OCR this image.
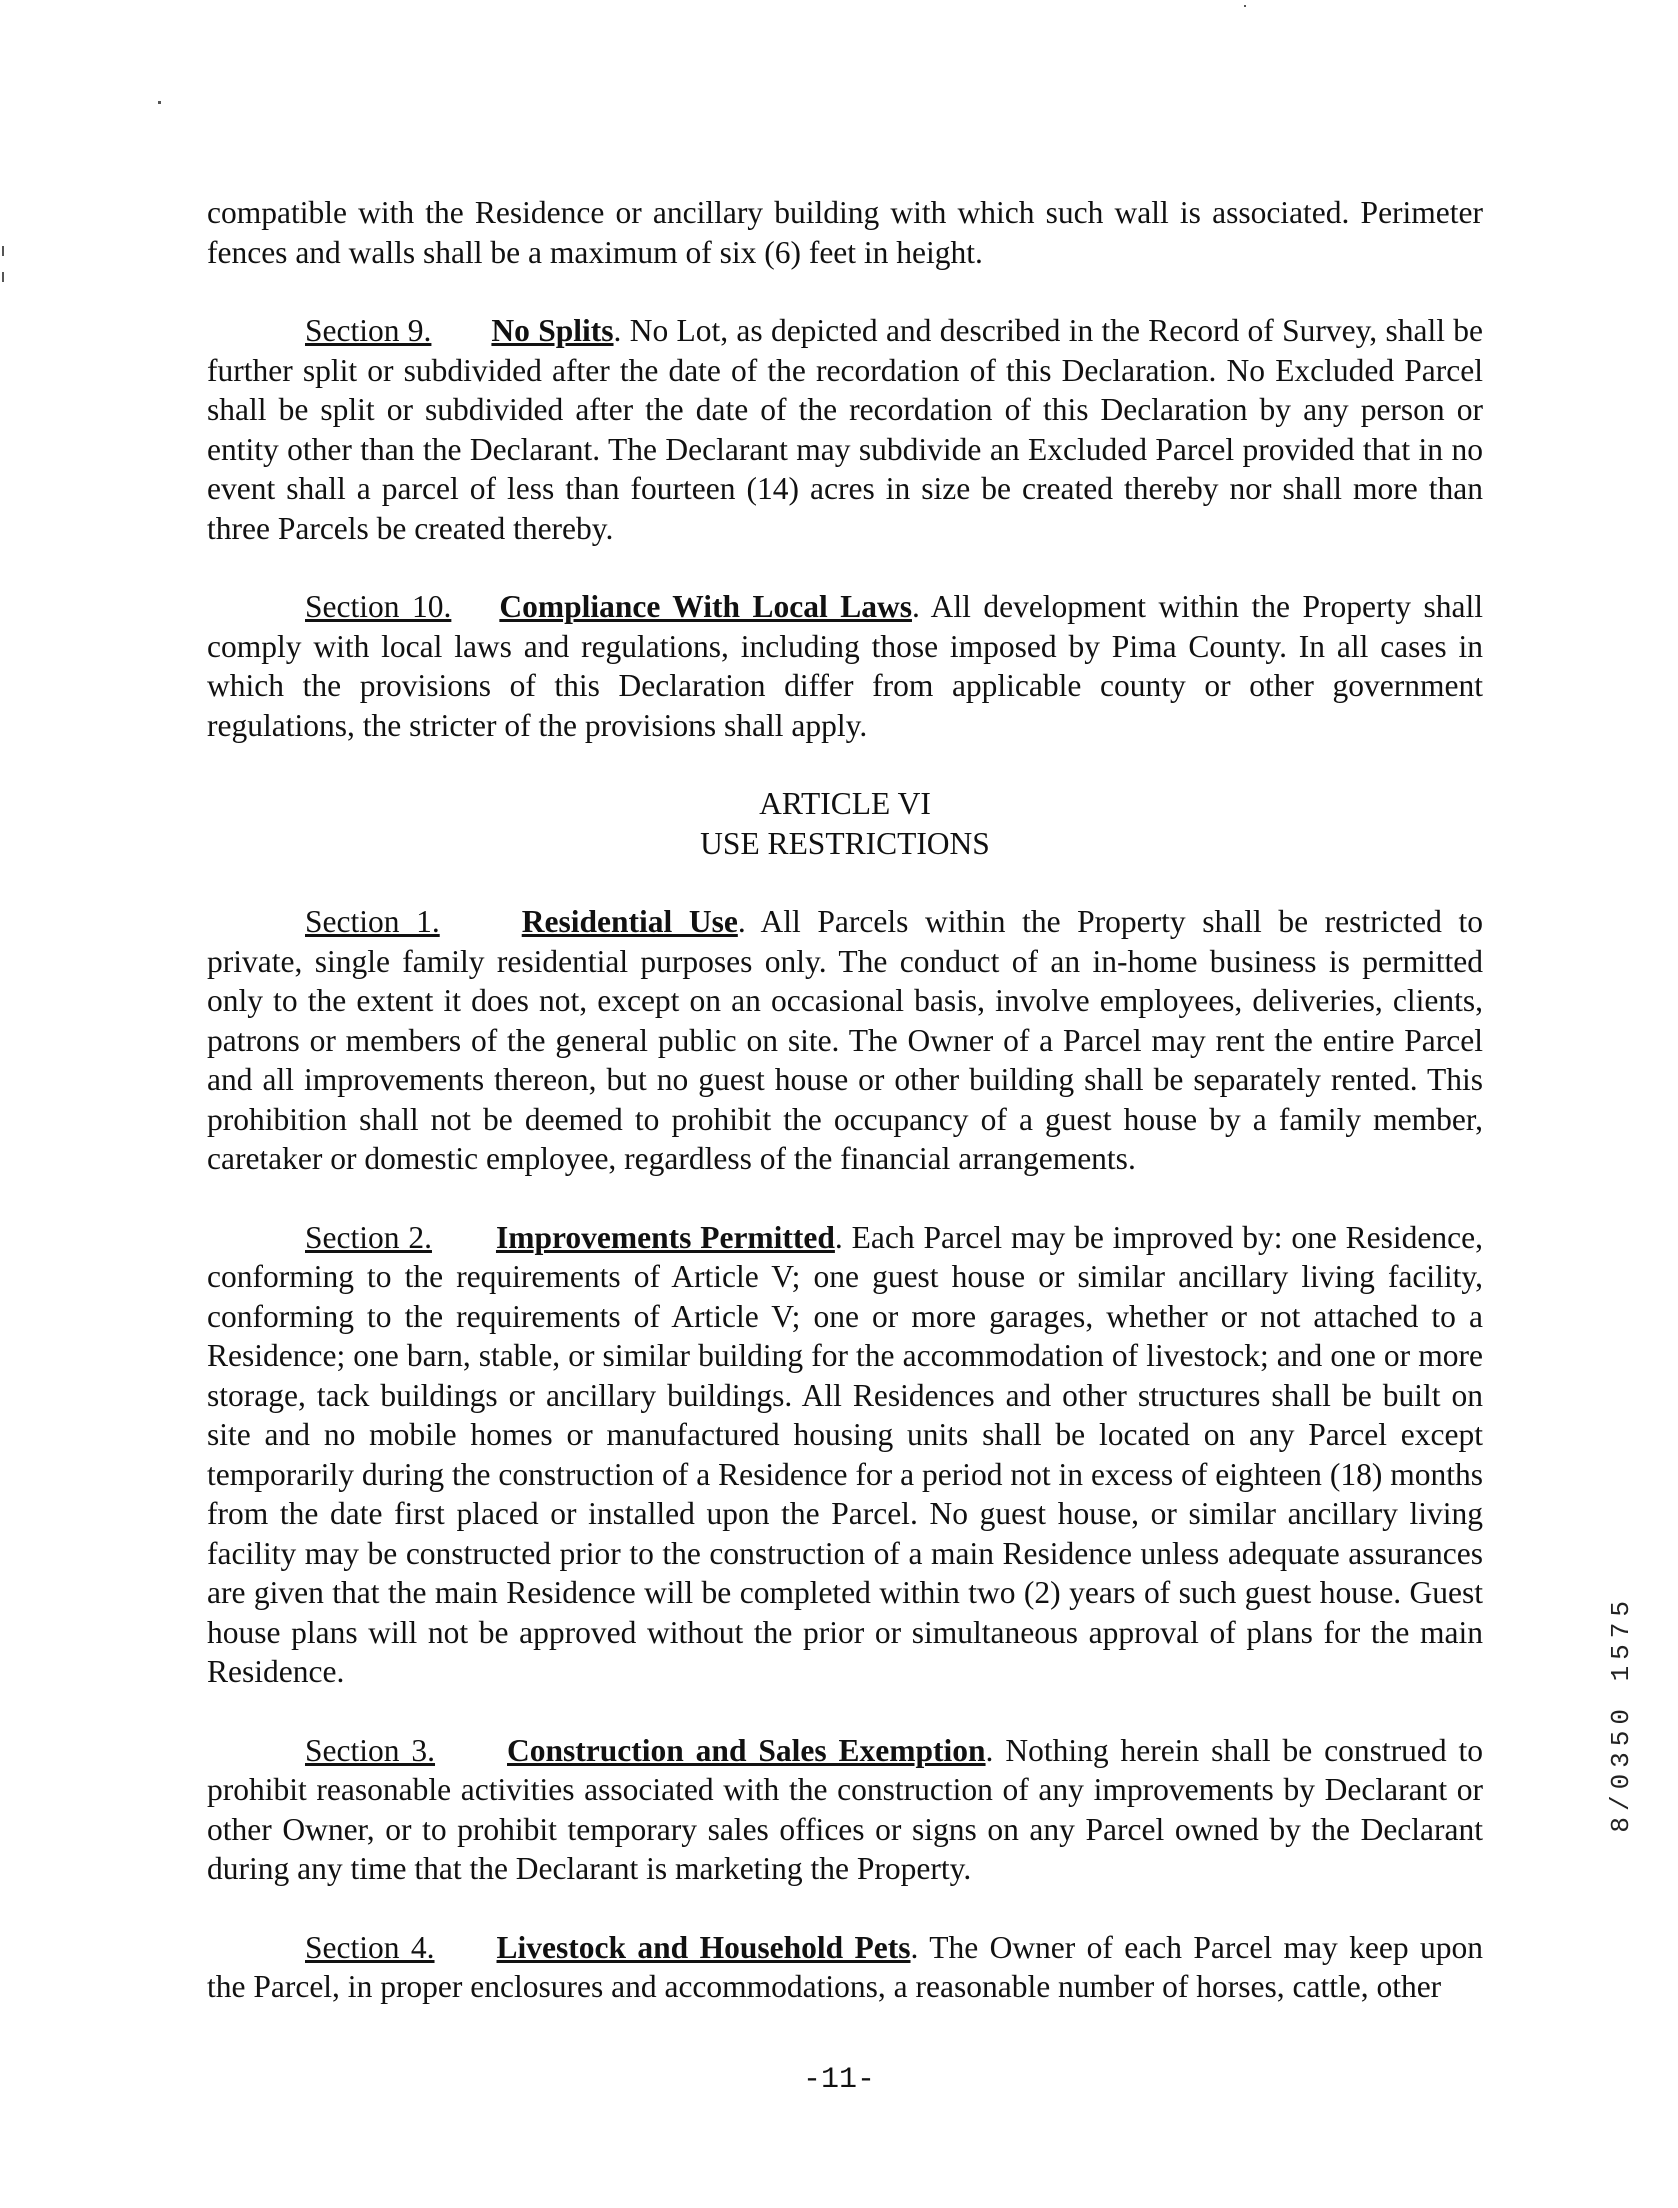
compatible with the Residence or ancillary building with which such wall is associated. Perimeter fences and walls shall be a maximum of six (6) feet in height.

Section 9. No Splits. No Lot, as depicted and described in the Record of Survey, shall be further split or subdivided after the date of the recordation of this Declaration. No Excluded Parcel shall be split or subdivided after the date of the recordation of this Declaration by any person or entity other than the Declarant. The Declarant may subdivide an Excluded Parcel provided that in no event shall a parcel of less than fourteen (14) acres in size be created thereby nor shall more than three Parcels be created thereby.

Section 10. Compliance With Local Laws. All development within the Property shall comply with local laws and regulations, including those imposed by Pima County. In all cases in which the provisions of this Declaration differ from applicable county or other government regulations, the stricter of the provisions shall apply.

ARTICLE VI
USE RESTRICTIONS

Section 1.	Residential Use. All Parcels within the Property shall be restricted to private, single family residential purposes only. The conduct of an in-home business is permitted only to the extent it does not, except on an occasional basis, involve employees, deliveries, clients, patrons or members of the general public on site. The Owner of a Parcel may rent the entire Parcel and all improvements thereon, but no guest house or other building shall be separately rented. This prohibition shall not be deemed to prohibit the occupancy of a guest house by a family member, caretaker or domestic employee, regardless of the financial arrangements.

Section 2. Improvements Permitted. Each Parcel may be improved by: one Residence, conforming to the requirements of Article V; one guest house or similar ancillary living facility, conforming to the requirements of Article V; one or more garages, whether or not attached to a Residence; one barn, stable, or similar building for the accommodation of livestock; and one or more storage, tack buildings or ancillary buildings. All Residences and other structures shall be built on site and no mobile homes or manufactured housing units shall be located on any Parcel except temporarily during the construction of a Residence for a period not in excess of eighteen (18) months from the date first placed or installed upon the Parcel. No guest house, or similar ancillary living facility may be constructed prior to the construction of a main Residence unless adequate assurances are given that the main Residence will be completed within two (2) years of such guest house. Guest house plans will not be approved without the prior or simultaneous approval of plans for the main Residence.

Section 3. Construction and Sales Exemption. Nothing herein shall be construed to prohibit reasonable activities associated with the construction of any improvements by Declarant or other Owner, or to prohibit temporary sales offices or signs on any Parcel owned by the Declarant during any time that the Declarant is marketing the Property.

Section 4. Livestock and Household Pets. The Owner of each Parcel may keep upon the Parcel, in proper enclosures and accommodations, a reasonable number of horses, cattle, other

8/0350 1575
-11-
